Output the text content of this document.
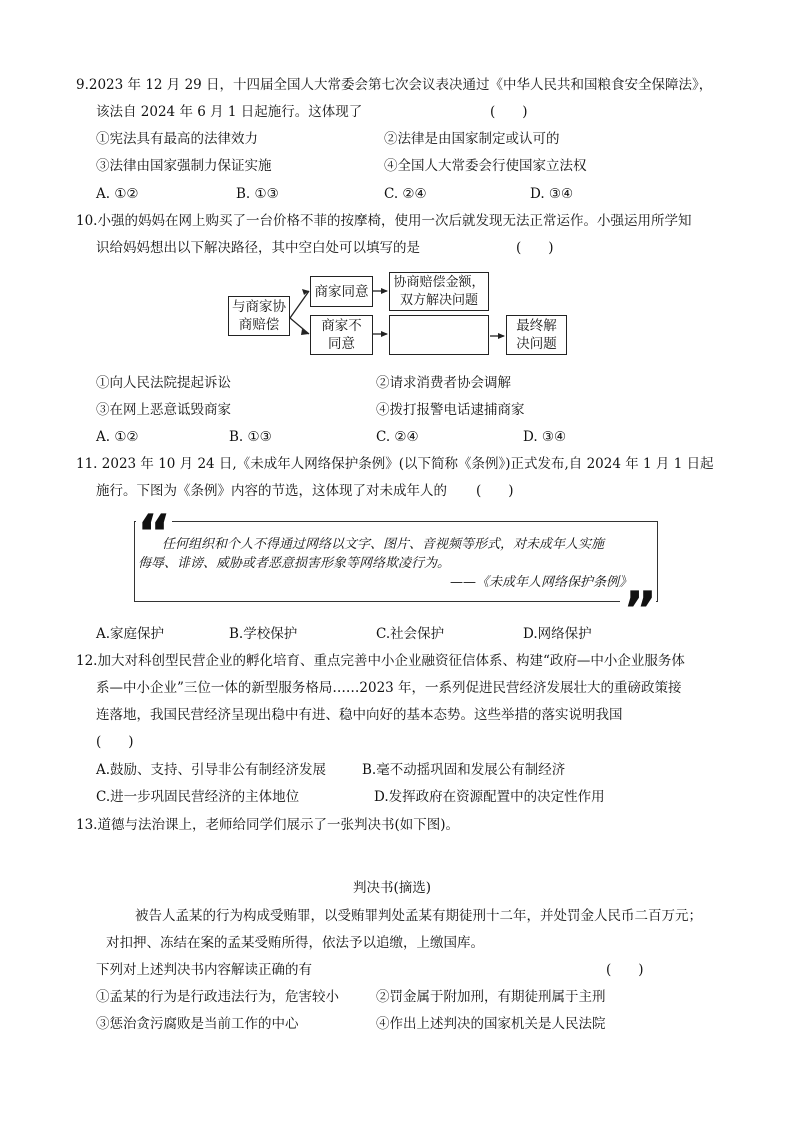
9.2023 年 12 月 29 日，十四届全国人大常委会第七次会议表决通过《中华人民共和国粮食安全保障法》，
该法自 2024 年 6 月 1 日起施行。这体现了	(　　)
①宪法具有最高的法律效力	②法律是由国家制定或认可的
③法律由国家强制力保证实施	④全国人大常委会行使国家立法权
A. ①②	B. ①③	C. ②④	D. ③④
10.小强的妈妈在网上购买了一台价格不菲的按摩椅，使用一次后就发现无法正常运作。小强运用所学知
识给妈妈想出以下解决路径，其中空白处可以填写的是	(　　)
与商家协
商赔偿
商家同意
协商赔偿金额，
双方解决问题
商家不
同意
最终解
决问题
①向人民法院提起诉讼	②请求消费者协会调解
③在网上恶意诋毁商家	④拨打报警电话逮捕商家
A. ①②	B. ①③	C. ②④	D. ③④
11. 2023 年 10 月 24 日,《未成年人网络保护条例》(以下简称《条例》)正式发布,自 2024 年 1 月 1 日起
施行。下图为《条例》内容的节选，这体现了对未成年人的 (　　)
“
”
任何组织和个人不得通过网络以文字、图片、音视频等形式，对未成年人实施
侮辱、诽谤、威胁或者恶意损害形象等网络欺凌行为。
——《未成年人网络保护条例》
A.家庭保护	B.学校保护	C.社会保护	D.网络保护
12.加大对科创型民营企业的孵化培育、重点完善中小企业融资征信体系、构建“政府—中小企业服务体
系—中小企业”三位一体的新型服务格局……2023 年，一系列促进民营经济发展壮大的重磅政策接
连落地，我国民营经济呈现出稳中有进、稳中向好的基本态势。这些举措的落实说明我国
(　　)
A.鼓励、支持、引导非公有制经济发展	B.毫不动摇巩固和发展公有制经济
C.进一步巩固民营经济的主体地位	D.发挥政府在资源配置中的决定性作用
13.道德与法治课上，老师给同学们展示了一张判决书(如下图)。
判决书(摘选)
被告人孟某的行为构成受贿罪，以受贿罪判处孟某有期徒刑十二年，并处罚金人民币二百万元；
对扣押、冻结在案的孟某受贿所得，依法予以追缴，上缴国库。
下列对上述判决书内容解读正确的有	(　　)
①孟某的行为是行政违法行为，危害较小	②罚金属于附加刑，有期徒刑属于主刑
③惩治贪污腐败是当前工作的中心	④作出上述判决的国家机关是人民法院
